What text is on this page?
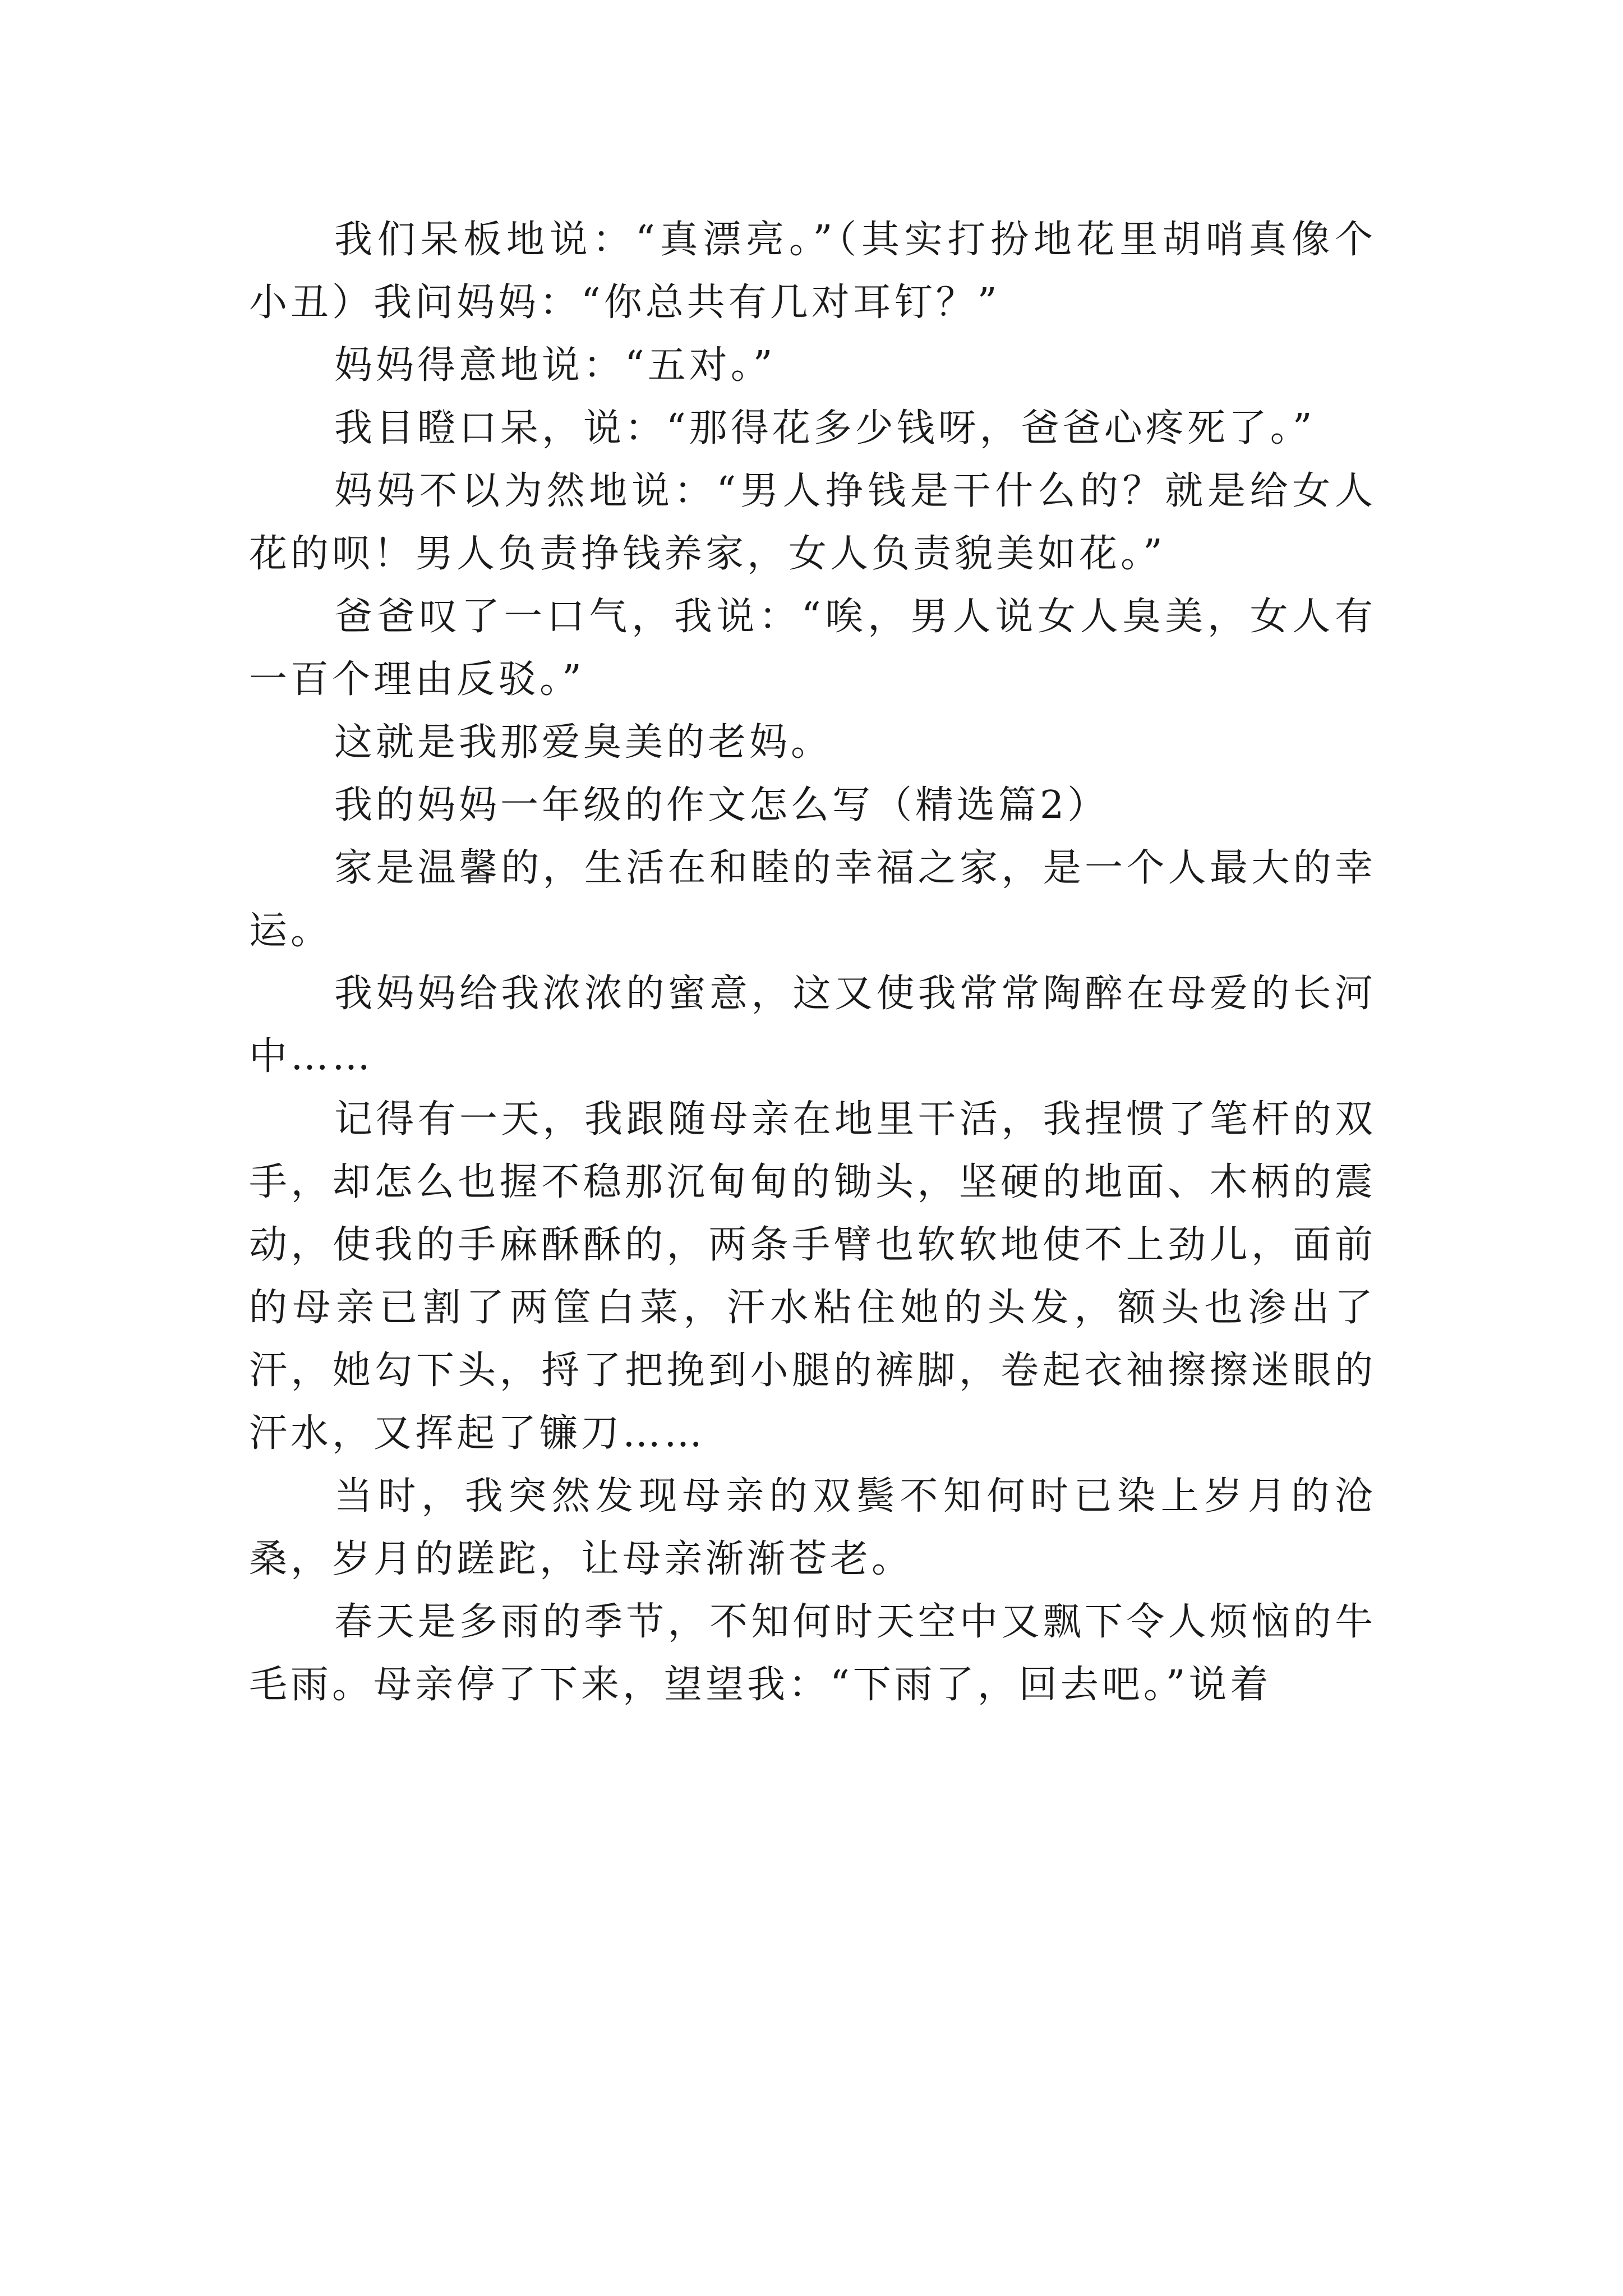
我们呆板地说：“真漂亮。”（其实打扮地花里胡哨真像个小丑）我问妈妈：“你总共有几对耳钉？”

妈妈得意地说：“五对。”

我目瞪口呆，说：“那得花多少钱呀，爸爸心疼死了。”

妈妈不以为然地说：“男人挣钱是干什么的？就是给女人花的呗！男人负责挣钱养家，女人负责貌美如花。”

爸爸叹了一口气，我说：“唉，男人说女人臭美，女人有一百个理由反驳。”

这就是我那爱臭美的老妈。

我的妈妈一年级的作文怎么写（精选篇2）

家是温馨的，生活在和睦的幸福之家，是一个人最大的幸运。

我妈妈给我浓浓的蜜意，这又使我常常陶醉在母爱的长河中……

记得有一天，我跟随母亲在地里干活，我捏惯了笔杆的双手，却怎么也握不稳那沉甸甸的锄头，坚硬的地面、木柄的震动，使我的手麻酥酥的，两条手臂也软软地使不上劲儿，面前的母亲已割了两筐白菜，汗水粘住她的头发，额头也渗出了汗，她勾下头，捋了把挽到小腿的裤脚，卷起衣袖擦擦迷眼的汗水，又挥起了镰刀……

当时，我突然发现母亲的双鬓不知何时已染上岁月的沧桑，岁月的蹉跎，让母亲渐渐苍老。

春天是多雨的季节，不知何时天空中又飘下令人烦恼的牛毛雨。母亲停了下来，望望我：“下雨了，回去吧。”说着
